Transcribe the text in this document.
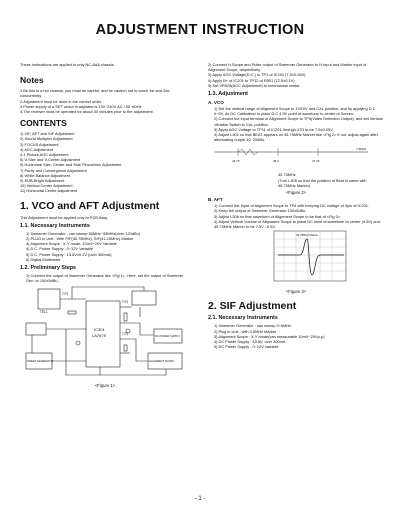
ADJUSTMENT INSTRUCTION
These instructions are applied to only NC-8AA chassis.
Notes
1.Be this is a hot chassis, you must be careful, and be caution not to touch 1st and 2nd concurrently.
2.Adjustment must be done in the correct order.
3.Power supply of a SET which is adjusted is 100~240V AC / 50~60Hz.
4.The receiver must be operated for about 30 minutes prior to the adjustment.
CONTENTS
1) VIF, AFT and SIF Adjustment
2) Sound Multiplex Adjustment
3) FOCUS Adjustment
4) AGC Adjustment
4-1 Picture AGC Adjustment
5) V-Size and V-Center Adjustment
6) Horizontal Size, Center and Side Pincushion Adjustment
7) Purity and Convergence Adjustment
8) White Balance Adjustment
9) SUB-Bright Adjustment
10) Vertical Center Adjustment
11) Horizontal Center Adjustment
1. VCO and AFT Adjustment
This Adjustment must be applied only to PCB Assy.
1.1. Necessary Instruments
1) Sweemer Generator : can sweep 35MHz~55MHz(over 120dBu)
2) PLUG in Unit : With PIF(45.75MHz), SIF(41.25MHz) Marker
3) Alignment Scope : X-Y mode, 10mV~20V Variable
4) D.C. Power Supply : 0~12V Variable
5) D.C. Power Supply : 13.5V±0.2V (over 300mA)
6) Digital Multimeter
1.2. Preliminary Steps
1) Connect the output of Sweemer Generator like <Fig 1>. Here, set the output of Sweemer Gen. to 100±5dBu.
T.P1
TEL1
T.P1
T.P2
IC301
LA7679	DC POWER SUPPLY
ALIGNMENT SCOPE
SWEEP GENERATOR
<Figure 1>
2) Connect H.Scope and Pulse output of Sweemer Generator to H.Input and Marker input of Alignment Scope, respectively.
3) Apply AGC Voltage(D.C.) to TP1 of IC201 (7.5±0.05V)
4) Apply B+ of IC201 to TP12 of R501 (12.5±0.1V)
5) Set VR528(AGC Adjustment) to mechanical center.
1.3. Adjustment
A. VCO
1) Set the vertical range of Alignment Scope to 1V/DIV and CAL position, and by applying D.C. 0~9V, do DC Calibration to place D.C 4.5V point of waveform to center of Screen.
2) Connect the input terminal of Alignment Scope to TP3(Video Detection Output), and set Vertical Variable Switch to CAL position.
3) Apply AGC Voltage to TP11 of IC201 through 47Ω to be 7.5±0.05V
4) Adjust L301 so that BEAT appears on 45.75MHz Marker like <Fig 2> If not, adjust again after attenuating output 10~20dBu.
42.75	45.0	47.25
7.5MHz
45.75MHz
(Turn L305 so that the position of Beat is same with 45.75MHz Marker)
<Figure 2>
B. AFT
1) Connect the Input of Alignment Scope to TP4 with keeping DC voltage of 4pin of IC201.
2) Keep the output of Sweemer Generator 100±5dBu.
3) Adjust L306 so that waveform of Alignment Scope to be that of <Fig 3>.
4) Adjust Vertical Volume of Alignment Scope to place DC level of waveform to center (4.5V) and 45.75MHz Marker to be 7.5V ; 0.5V.
45.75MHz Marker
<Figure 3>
2. SIF Adjustment
2.1. Necessary Instruments
1) Sweemer Generator : can sweep 3~6MHz
2) Plug in Unit : with 4.5MHz Marker
3) Alignment Scope : X-Y mode(can measurable 10mV~20Vp-p)
4) DC Power Supply : 13.5V, over 300mA
5) DC Power Supply : 0~12V variable
- 1 -
